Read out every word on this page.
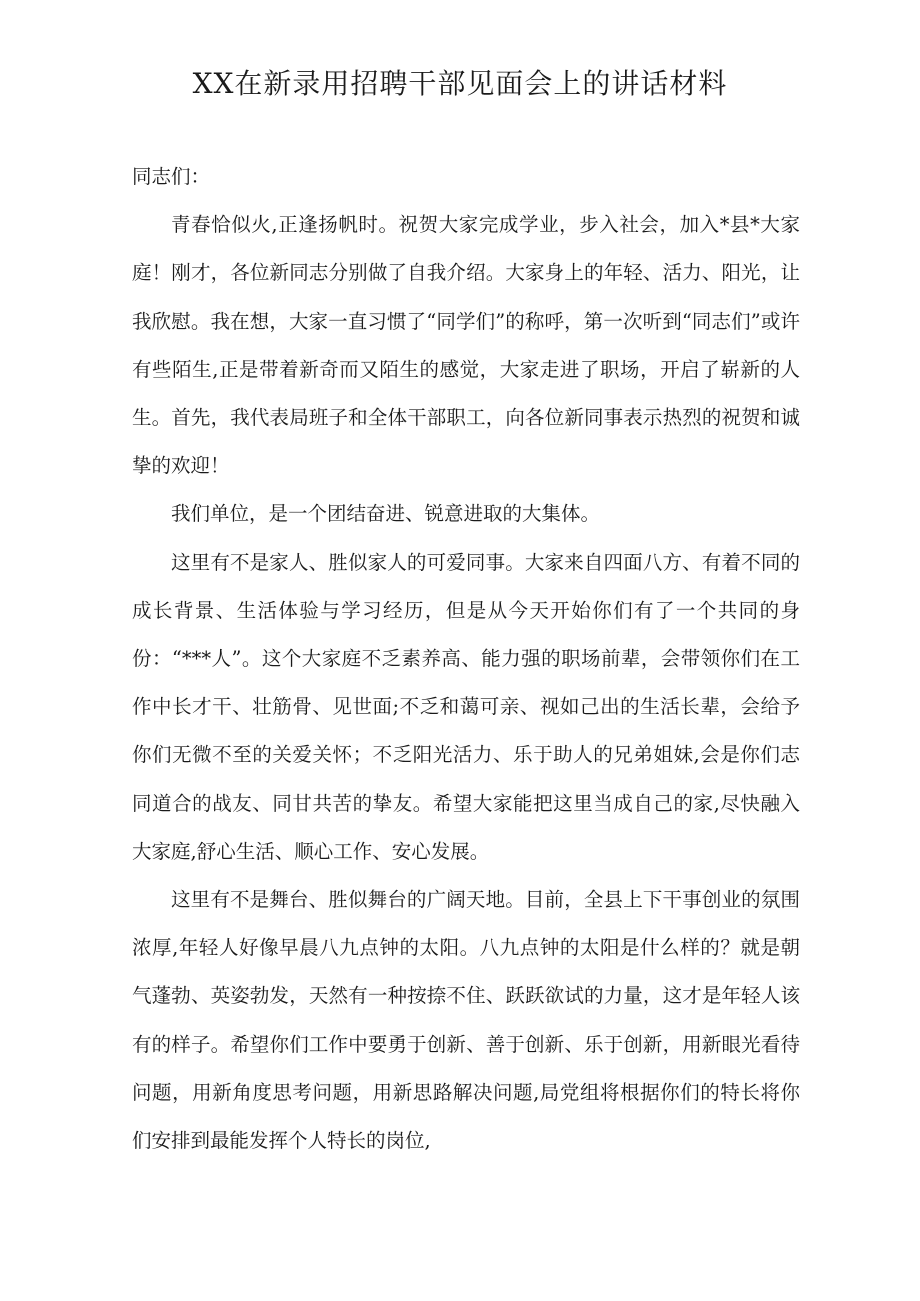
XX在新录用招聘干部见面会上的讲话材料

同志们：

青春恰似火,正逢扬帆时。祝贺大家完成学业，步入社会，加入*县*大家庭！刚才，各位新同志分别做了自我介绍。大家身上的年轻、活力、阳光，让我欣慰。我在想，大家一直习惯了“同学们”的称呼，第一次听到“同志们”或许有些陌生,正是带着新奇而又陌生的感觉，大家走进了职场，开启了崭新的人生。首先，我代表局班子和全体干部职工，向各位新同事表示热烈的祝贺和诚挚的欢迎！

我们单位，是一个团结奋进、锐意进取的大集体。

这里有不是家人、胜似家人的可爱同事。大家来自四面八方、有着不同的成长背景、生活体验与学习经历，但是从今天开始你们有了一个共同的身份：“***人”。这个大家庭不乏素养高、能力强的职场前辈，会带领你们在工作中长才干、壮筋骨、见世面;不乏和蔼可亲、视如己出的生活长辈，会给予你们无微不至的关爱关怀；不乏阳光活力、乐于助人的兄弟姐妹,会是你们志同道合的战友、同甘共苦的挚友。希望大家能把这里当成自己的家,尽快融入大家庭,舒心生活、顺心工作、安心发展。

这里有不是舞台、胜似舞台的广阔天地。目前，全县上下干事创业的氛围浓厚,年轻人好像早晨八九点钟的太阳。八九点钟的太阳是什么样的？就是朝气蓬勃、英姿勃发，天然有一种按捺不住、跃跃欲试的力量，这才是年轻人该有的样子。希望你们工作中要勇于创新、善于创新、乐于创新，用新眼光看待问题，用新角度思考问题，用新思路解决问题,局党组将根据你们的特长将你们安排到最能发挥个人特长的岗位,
